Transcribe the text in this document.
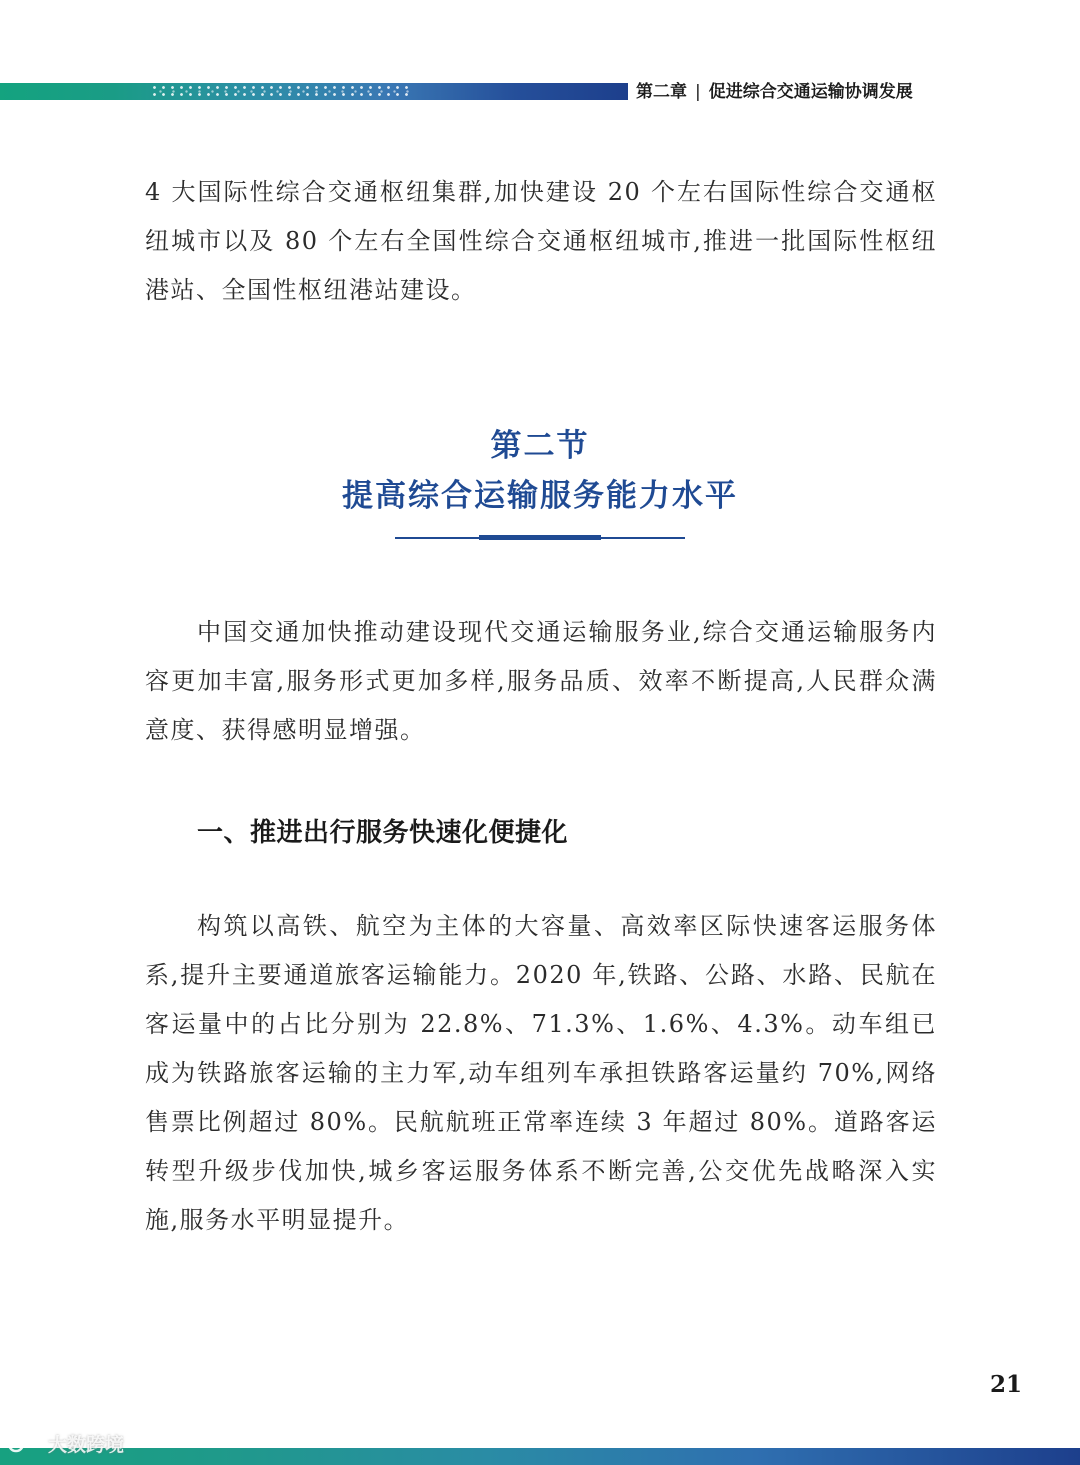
第二章 | 促进综合交通运输协调发展

4 大国际性综合交通枢纽集群,加快建设 20 个左右国际性综合交通枢纽城市以及 80 个左右全国性综合交通枢纽城市,推进一批国际性枢纽港站、全国性枢纽港站建设。

第二节
提高综合运输服务能力水平

中国交通加快推动建设现代交通运输服务业,综合交通运输服务内容更加丰富,服务形式更加多样,服务品质、效率不断提高,人民群众满意度、获得感明显增强。

一、推进出行服务快速化便捷化

构筑以高铁、航空为主体的大容量、高效率区际快速客运服务体系,提升主要通道旅客运输能力。2020 年,铁路、公路、水路、民航在客运量中的占比分别为 22.8%、71.3%、1.6%、4.3%。动车组已成为铁路旅客运输的主力军,动车组列车承担铁路客运量约 70%,网络售票比例超过 80%。民航航班正常率连续 3 年超过 80%。道路客运转型升级步伐加快,城乡客运服务体系不断完善,公交优先战略深入实施,服务水平明显提升。

21
大数跨境
